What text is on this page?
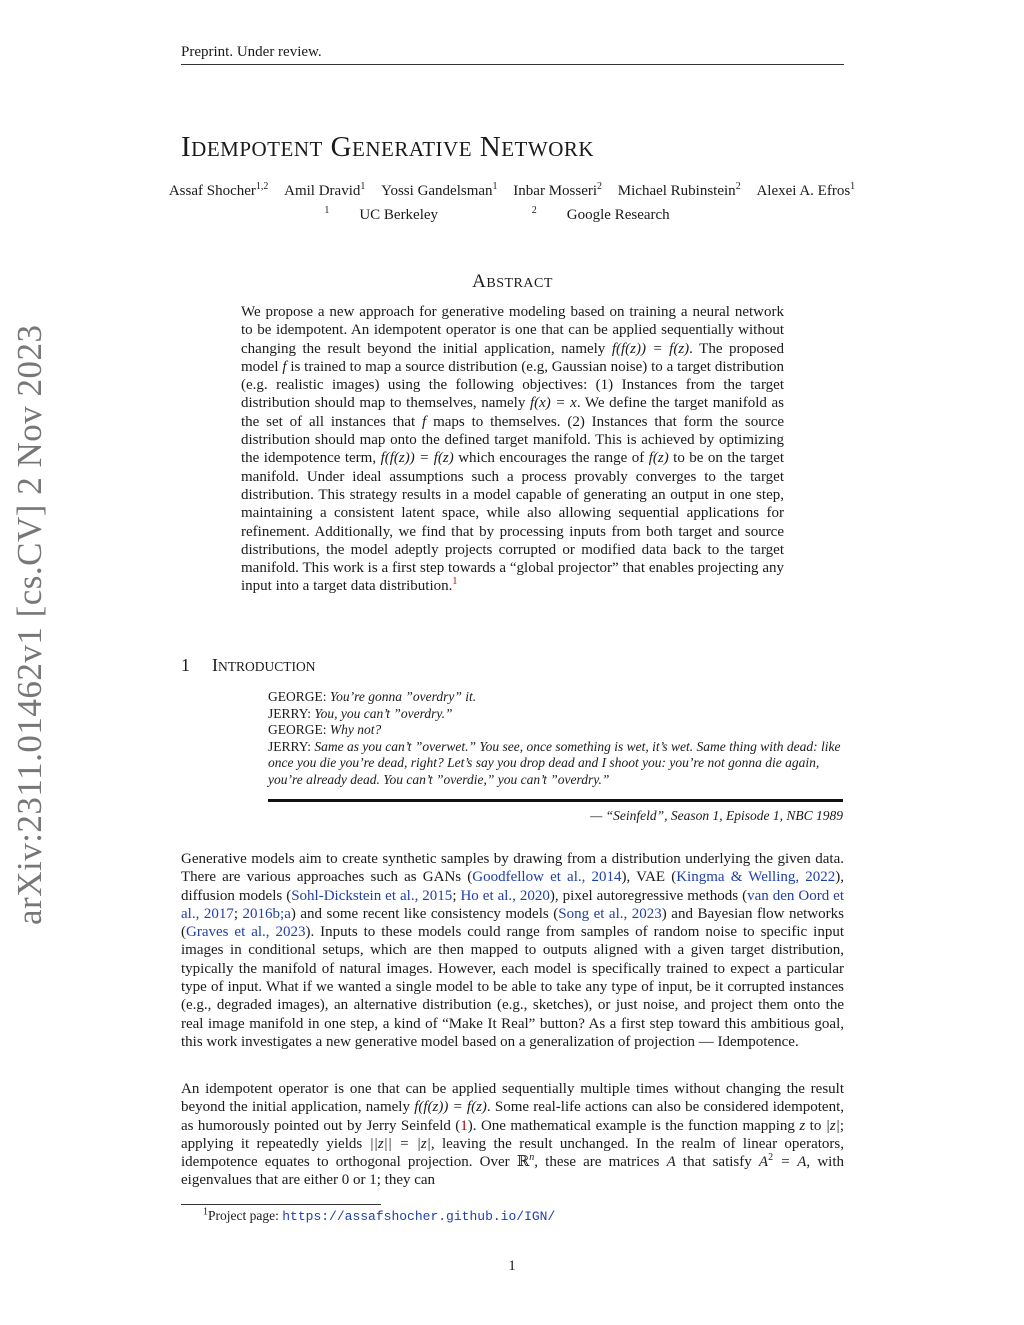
Preprint. Under review.
arXiv:2311.01462v1 [cs.CV] 2 Nov 2023
IDEMPOTENT GENERATIVE NETWORK
Assaf Shocher$^{1,2}$ Amil Dravid$^1$ Yossi Gandelsman$^1$ Inbar Mosseri$^2$ Michael Rubinstein$^2$ Alexei A. Efros$^1$
$^1$ UC Berkeley	$^2$ Google Research
ABSTRACT
We propose a new approach for generative modeling based on training a neural network to be idempotent. An idempotent operator is one that can be applied sequentially without changing the result beyond the initial application, namely f(f(z)) = f(z). The proposed model f is trained to map a source distribution (e.g, Gaussian noise) to a target distribution (e.g. realistic images) using the following objectives: (1) Instances from the target distribution should map to themselves, namely f(x) = x. We define the target manifold as the set of all instances that f maps to themselves. (2) Instances that form the source distribution should map onto the defined target manifold. This is achieved by optimizing the idempotence term, f(f(z)) = f(z) which encourages the range of f(z) to be on the target manifold. Under ideal assumptions such a process provably converges to the target distribution. This strategy results in a model capable of generating an output in one step, maintaining a consistent latent space, while also allowing sequential applications for refinement. Additionally, we find that by processing inputs from both target and source distributions, the model adeptly projects corrupted or modified data back to the target manifold. This work is a first step towards a “global projector” that enables projecting any input into a target data distribution.$^1$
1 INTRODUCTION

GEORGE: You’re gonna ”overdry” it.

JERRY: You, you can’t ”overdry.”

GEORGE: Why not?

JERRY: Same as you can’t ”overwet.” You see, once something is wet, it’s wet. Same thing with dead: like once you die you’re dead, right? Let’s say you drop dead and I shoot you: you’re not gonna die again, you’re already dead. You can’t ”overdie,” you can’t ”overdry.”

— “Seinfeld”, Season 1, Episode 1, NBC 1989

Generative models aim to create synthetic samples by drawing from a distribution underlying the given data. There are various approaches such as GANs (Goodfellow et al., 2014), VAE (Kingma & Welling, 2022), diffusion models (Sohl-Dickstein et al., 2015; Ho et al., 2020), pixel autoregressive methods (van den Oord et al., 2017; 2016b;a) and some recent like consistency models (Song et al., 2023) and Bayesian flow networks (Graves et al., 2023). Inputs to these models could range from samples of random noise to specific input images in conditional setups, which are then mapped to outputs aligned with a given target distribution, typically the manifold of natural images. However, each model is specifically trained to expect a particular type of input. What if we wanted a single model to be able to take any type of input, be it corrupted instances (e.g., degraded images), an alternative distribution (e.g., sketches), or just noise, and project them onto the real image manifold in one step, a kind of “Make It Real” button? As a first step toward this ambitious goal, this work investigates a new generative model based on a generalization of projection — Idempotence.

An idempotent operator is one that can be applied sequentially multiple times without changing the result beyond the initial application, namely f(f(z)) = f(z). Some real-life actions can also be considered idempotent, as humorously pointed out by Jerry Seinfeld (1). One mathematical example is the function mapping z to |z|; applying it repeatedly yields ||z|| = |z|, leaving the result unchanged. In the realm of linear operators, idempotence equates to orthogonal projection. Over ℝ$^n$, these are matrices A that satisfy $A^2 = A$, with eigenvalues that are either 0 or 1; they can

$^1$Project page: https://assafshocher.github.io/IGN/
1
